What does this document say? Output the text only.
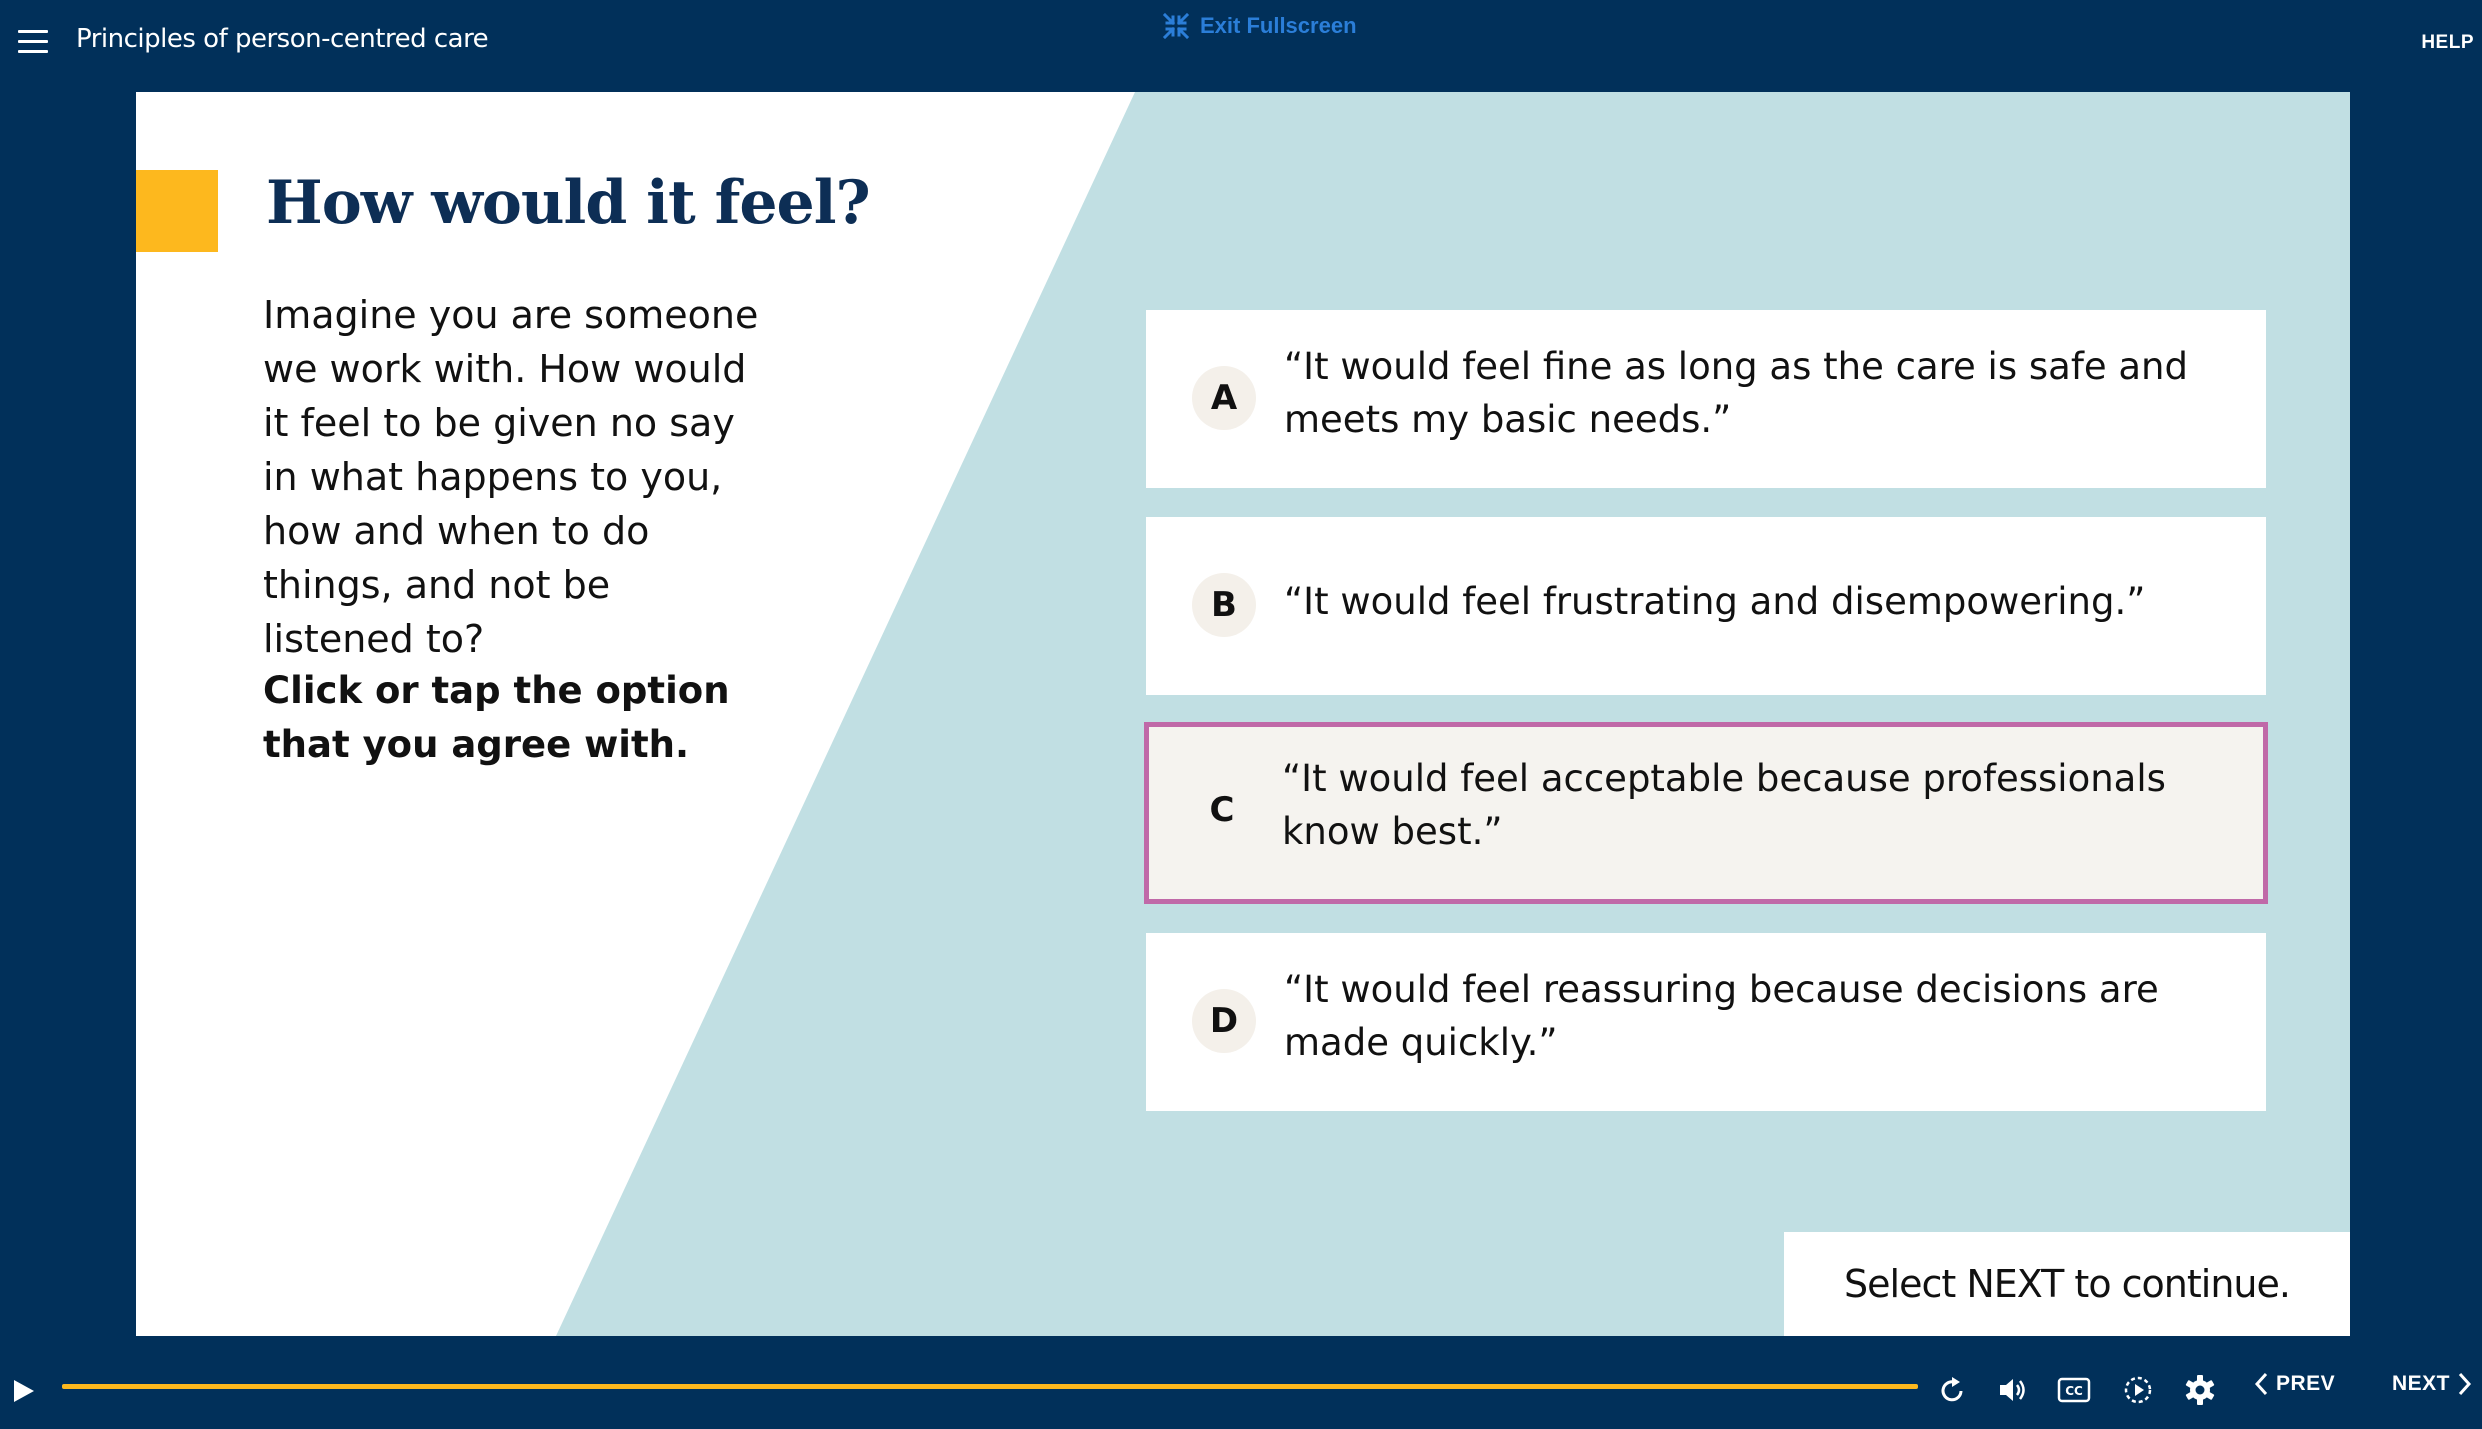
Principles of person-centred care	Exit Fullscreen
HELP
How would it feel?
Imagine you are someone we work with. How would it feel to be given no say in what happens to you, how and when to do things, and not be listened to?
Click or tap the option that you agree with.
A
“It would feel fine as long as the care is safe and meets my basic needs.”
B	“It would feel frustrating and disempowering.”
C
“It would feel acceptable because professionals know best.”
D
“It would feel reassuring because decisions are made quickly.”
Select NEXT to continue.
CC	PREV	NEXT
